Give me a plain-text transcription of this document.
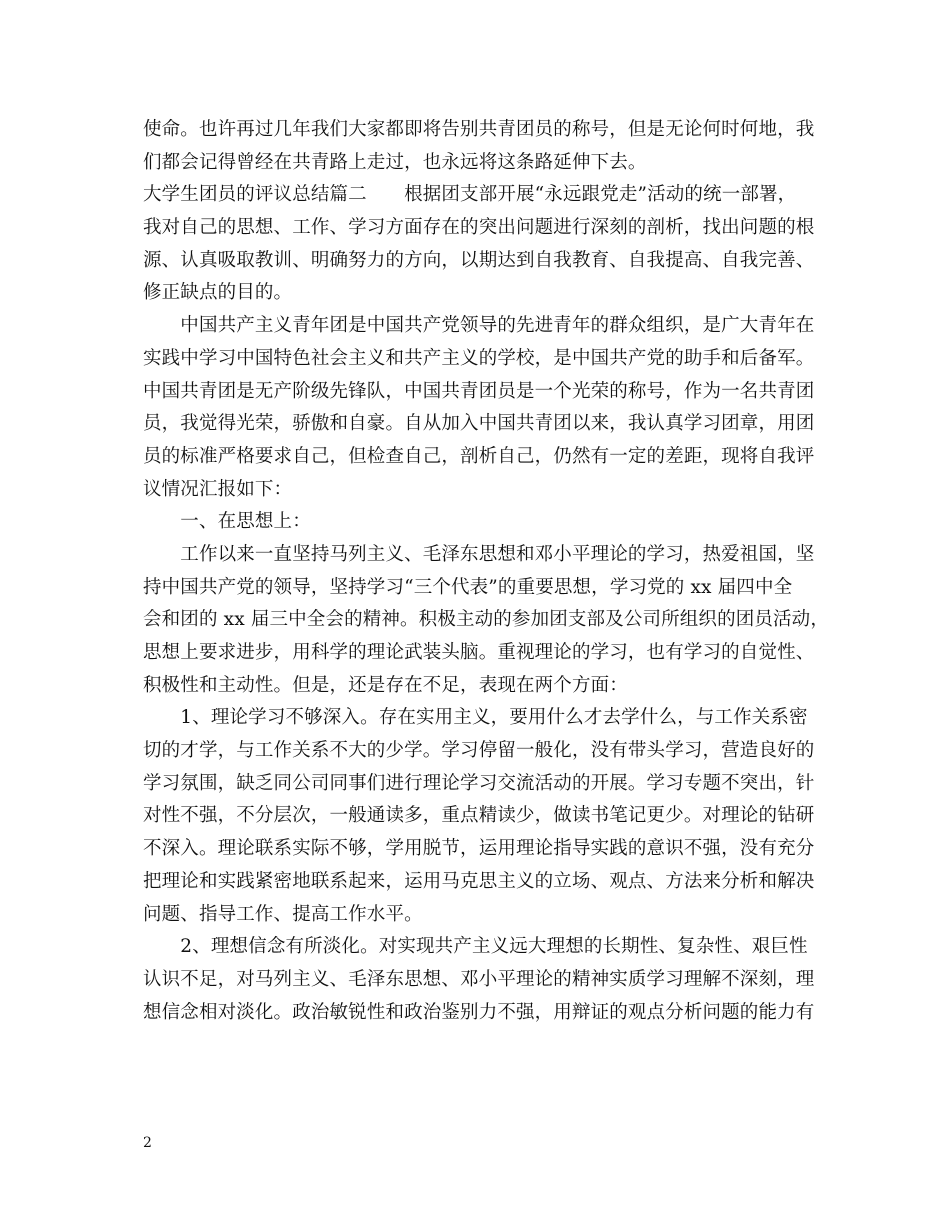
使命。也许再过几年我们大家都即将告别共青团员的称号，但是无论何时何地，我
们都会记得曾经在共青路上走过，也永远将这条路延伸下去。
大学生团员的评议总结篇二　　根据团支部开展“永远跟党走”活动的统一部署，
我对自己的思想、工作、学习方面存在的突出问题进行深刻的剖析，找出问题的根
源、认真吸取教训、明确努力的方向，以期达到自我教育、自我提高、自我完善、
修正缺点的目的。
　　中国共产主义青年团是中国共产党领导的先进青年的群众组织，是广大青年在
实践中学习中国特色社会主义和共产主义的学校，是中国共产党的助手和后备军。
中国共青团是无产阶级先锋队，中国共青团员是一个光荣的称号，作为一名共青团
员，我觉得光荣，骄傲和自豪。自从加入中国共青团以来，我认真学习团章，用团
员的标准严格要求自己，但检查自己，剖析自己，仍然有一定的差距，现将自我评
议情况汇报如下：
　　一、在思想上：
　　工作以来一直坚持马列主义、毛泽东思想和邓小平理论的学习，热爱祖国，坚
持中国共产党的领导，坚持学习“三个代表”的重要思想，学习党的 xx 届四中全
会和团的 xx 届三中全会的精神。积极主动的参加团支部及公司所组织的团员活动，
思想上要求进步，用科学的理论武装头脑。重视理论的学习，也有学习的自觉性、
积极性和主动性。但是，还是存在不足，表现在两个方面：
　　1、理论学习不够深入。存在实用主义，要用什么才去学什么，与工作关系密
切的才学，与工作关系不大的少学。学习停留一般化，没有带头学习，营造良好的
学习氛围，缺乏同公司同事们进行理论学习交流活动的开展。学习专题不突出，针
对性不强，不分层次，一般通读多，重点精读少，做读书笔记更少。对理论的钻研
不深入。理论联系实际不够，学用脱节，运用理论指导实践的意识不强，没有充分
把理论和实践紧密地联系起来，运用马克思主义的立场、观点、方法来分析和解决
问题、指导工作、提高工作水平。
　　2、理想信念有所淡化。对实现共产主义远大理想的长期性、复杂性、艰巨性
认识不足，对马列主义、毛泽东思想、邓小平理论的精神实质学习理解不深刻，理
想信念相对淡化。政治敏锐性和政治鉴别力不强，用辩证的观点分析问题的能力有
2
